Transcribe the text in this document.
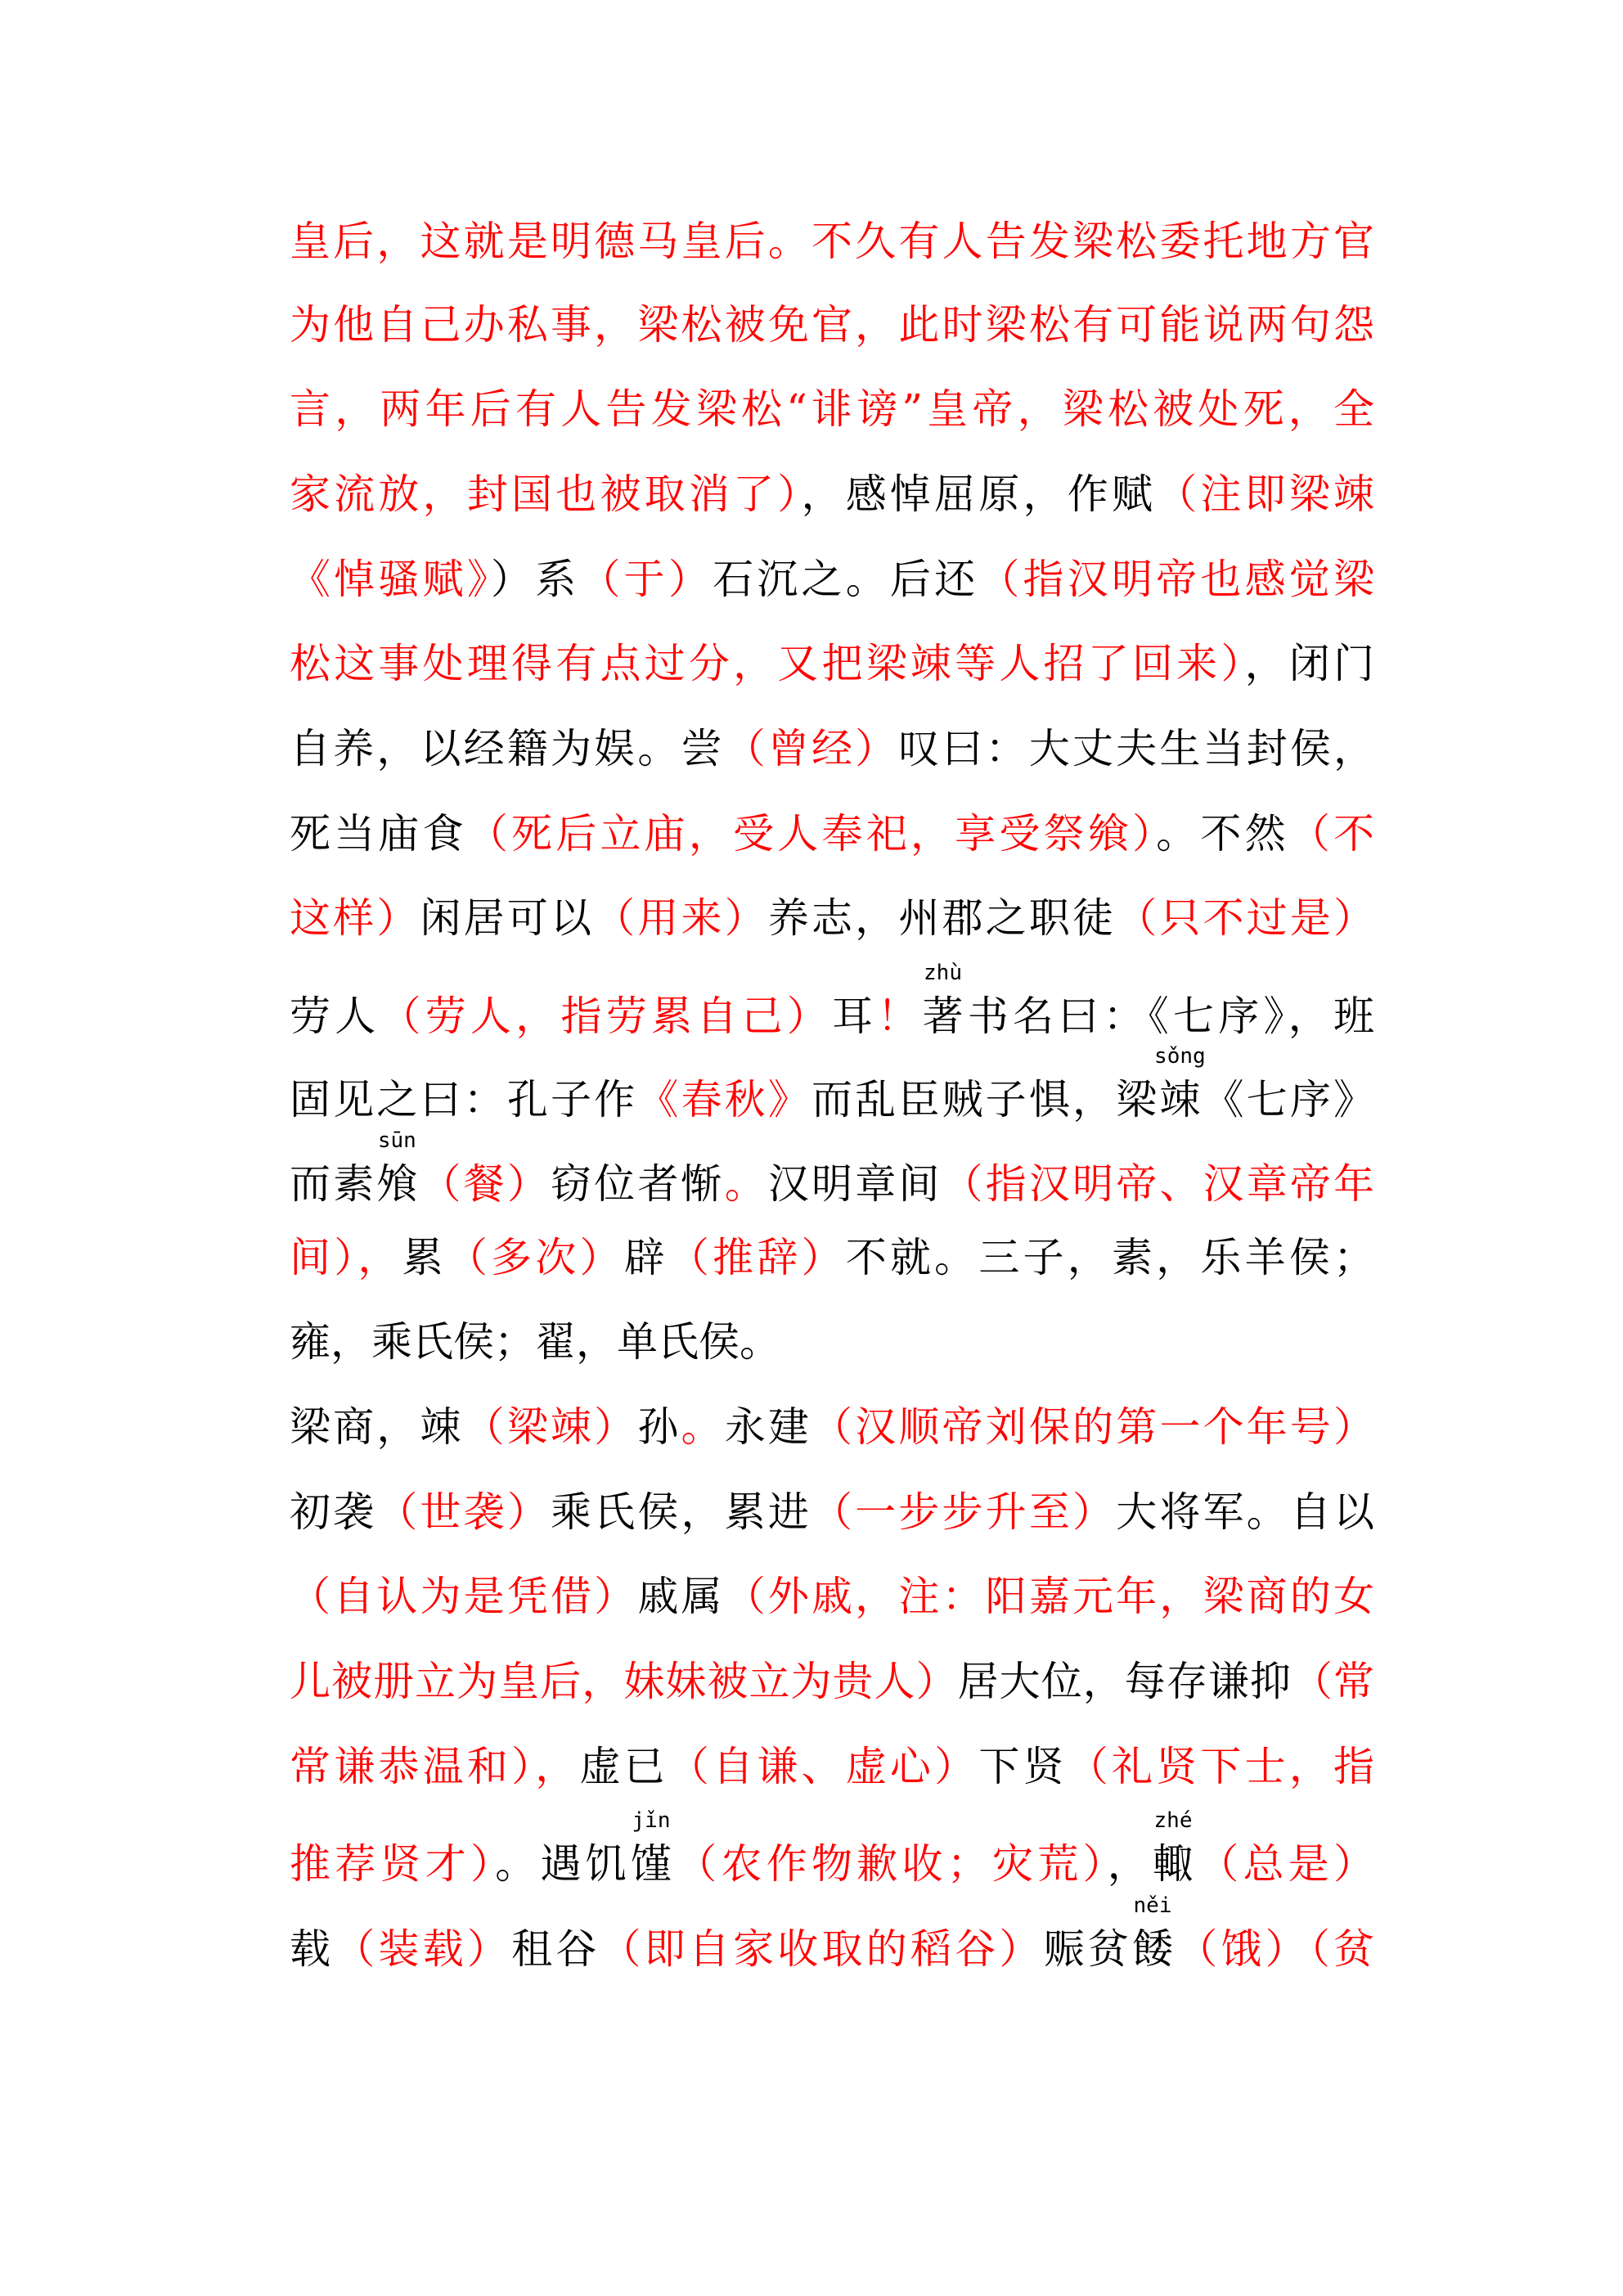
皇后，这就是明德马皇后。不久有人告发梁松委托地方官
为他自己办私事，梁松被免官，此时梁松有可能说两句怨
言，两年后有人告发梁松“诽谤”皇帝，梁松被处死，全
家流放，封国也被取消了），感悼屈原，作赋（注即梁竦
《悼骚赋》）系（于）石沉之。后还（指汉明帝也感觉梁
松这事处理得有点过分，又把梁竦等人招了回来），闭门
自养，以经籍为娱。尝（曾经）叹曰：大丈夫生当封侯，
死当庙食（死后立庙，受人奉祀，享受祭飨）。不然（不
这样）闲居可以（用来）养志，州郡之职徒（只不过是）
劳人（劳人，指劳累自己）耳！著
zhù
书名曰：《七序》，班
固见之曰：孔子作《春秋》而乱臣贼子惧，梁竦
sǒng
《七序》
而素飧
sūn
（餐）窃位者惭。汉明章间（指汉明帝、汉章帝年
间），累（多次）辟（推辞）不就。三子，素，乐羊侯；
雍，乘氏侯；翟，单氏侯。
梁商，竦（梁竦）孙。永建（汉顺帝刘保的第一个年号）
初袭（世袭）乘氏侯，累进（一步步升至）大将军。自以
（自认为是凭借）戚属（外戚，注：阳嘉元年，梁商的女
儿被册立为皇后，妹妹被立为贵人）居大位，每存谦抑（常
常谦恭温和），虚已（自谦、虚心）下贤（礼贤下士，指
推荐贤才）。遇饥馑
jǐn
（农作物歉收；灾荒），輙
zhé
（总是）
载（装载）租谷（即自家收取的稻谷）赈贫餧
něi
（饿）（贫
